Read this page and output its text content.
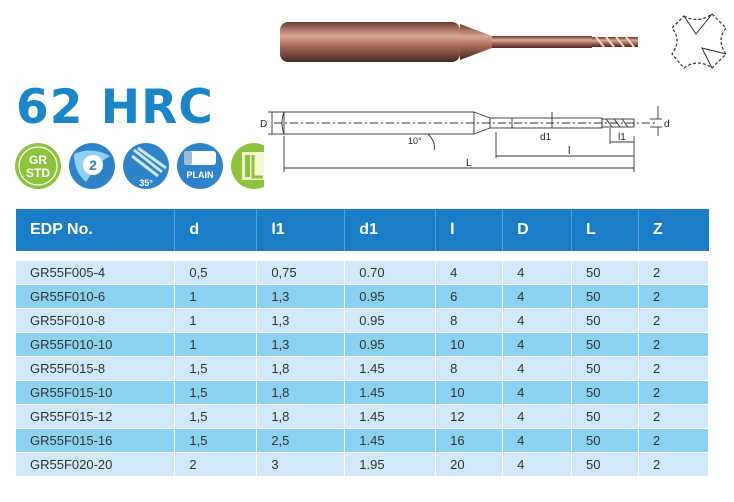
62 HRC
GR
STD	2
35°
PLAIN
D	d
d1
l
l1
L
10°
EDP No.	d	l1	d1	l	D	L	Z

GR55F005-4	0,5	0,75	0.70	4	4	50	2
GR55F010-6	1	1,3	0.95	6	4	50	2
GR55F010-8	1	1,3	0.95	8	4	50	2
GR55F010-10	1	1,3	0.95	10	4	50	2
GR55F015-8	1,5	1,8	1.45	8	4	50	2
GR55F015-10	1,5	1,8	1.45	10	4	50	2
GR55F015-12	1,5	1,8	1.45	12	4	50	2
GR55F015-16	1,5	2,5	1.45	16	4	50	2
GR55F020-20	2	3	1.95	20	4	50	2
